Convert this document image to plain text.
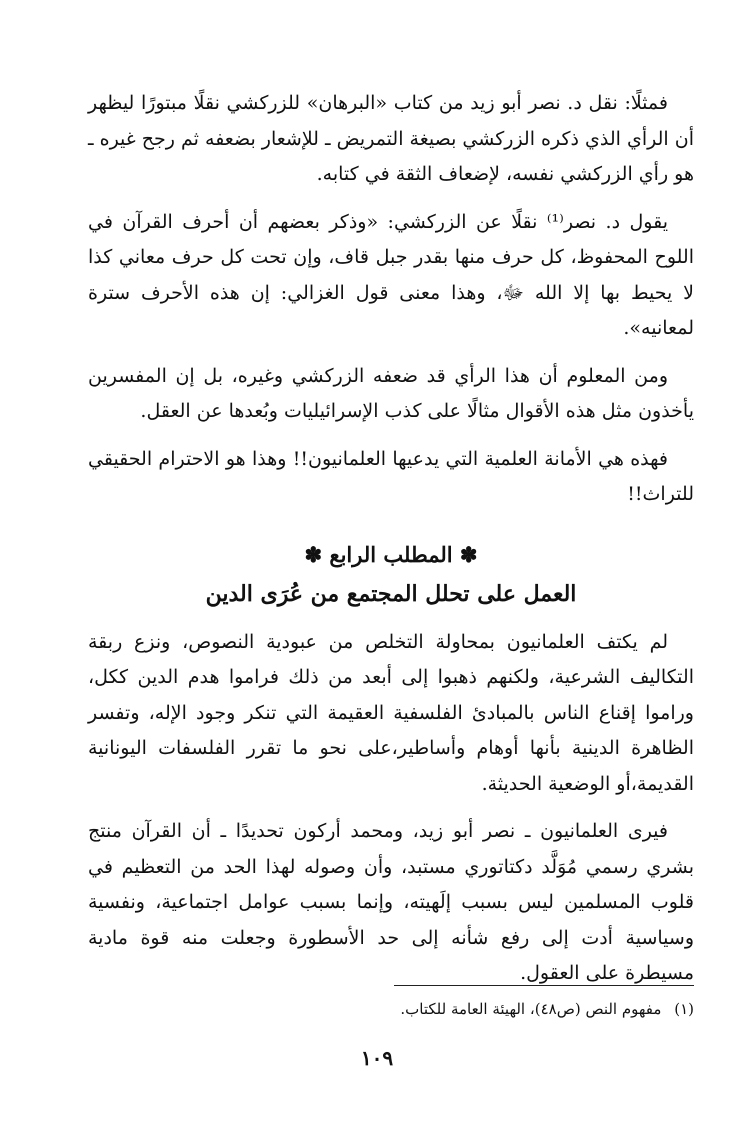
فمثلًا: نقل د. نصر أبو زيد من كتاب «البرهان» للزركشي نقلًا مبتورًا ليظهر أن الرأي الذي ذكره الزركشي بصيغة التمريض ـ للإشعار بضعفه ثم رجح غيره ـ هو رأي الزركشي نفسه، لإضعاف الثقة في كتابه.

يقول د. نصر⁽¹⁾ نقلًا عن الزركشي: «وذكر بعضهم أن أحرف القرآن في اللوح المحفوظ، كل حرف منها بقدر جبل قاف، وإن تحت كل حرف معاني كذا لا يحيط بها إلا الله ﷻ، وهذا معنى قول الغزالي: إن هذه الأحرف سترة لمعانيه».

ومن المعلوم أن هذا الرأي قد ضعفه الزركشي وغيره، بل إن المفسرين يأخذون مثل هذه الأقوال مثالًا على كذب الإسرائيليات وبُعدها عن العقل.

فهذه هي الأمانة العلمية التي يدعيها العلمانيون!! وهذا هو الاحترام الحقيقي للتراث!!

✽ المطلب الرابع ✽
العمل على تحلل المجتمع من عُرَى الدين

لم يكتف العلمانيون بمحاولة التخلص من عبودية النصوص، ونزع ربقة التكاليف الشرعية، ولكنهم ذهبوا إلى أبعد من ذلك فراموا هدم الدين ككل، وراموا إقناع الناس بالمبادئ الفلسفية العقيمة التي تنكر وجود الإله، وتفسر الظاهرة الدينية بأنها أوهام وأساطير،على نحو ما تقرر الفلسفات اليونانية القديمة،أو الوضعية الحديثة.

فيرى العلمانيون ـ نصر أبو زيد، ومحمد أركون تحديدًا ـ أن القرآن منتج بشري رسمي مُوَلَّد دكتاتوري مستبد، وأن وصوله لهذا الحد من التعظيم في قلوب المسلمين ليس بسبب إلَهيته، وإنما بسبب عوامل اجتماعية، ونفسية وسياسية أدت إلى رفع شأنه إلى حد الأسطورة وجعلت منه قوة مادية مسيطرة على العقول.

(١) مفهوم النص (ص٤٨)، الهيئة العامة للكتاب.
١٠٩
